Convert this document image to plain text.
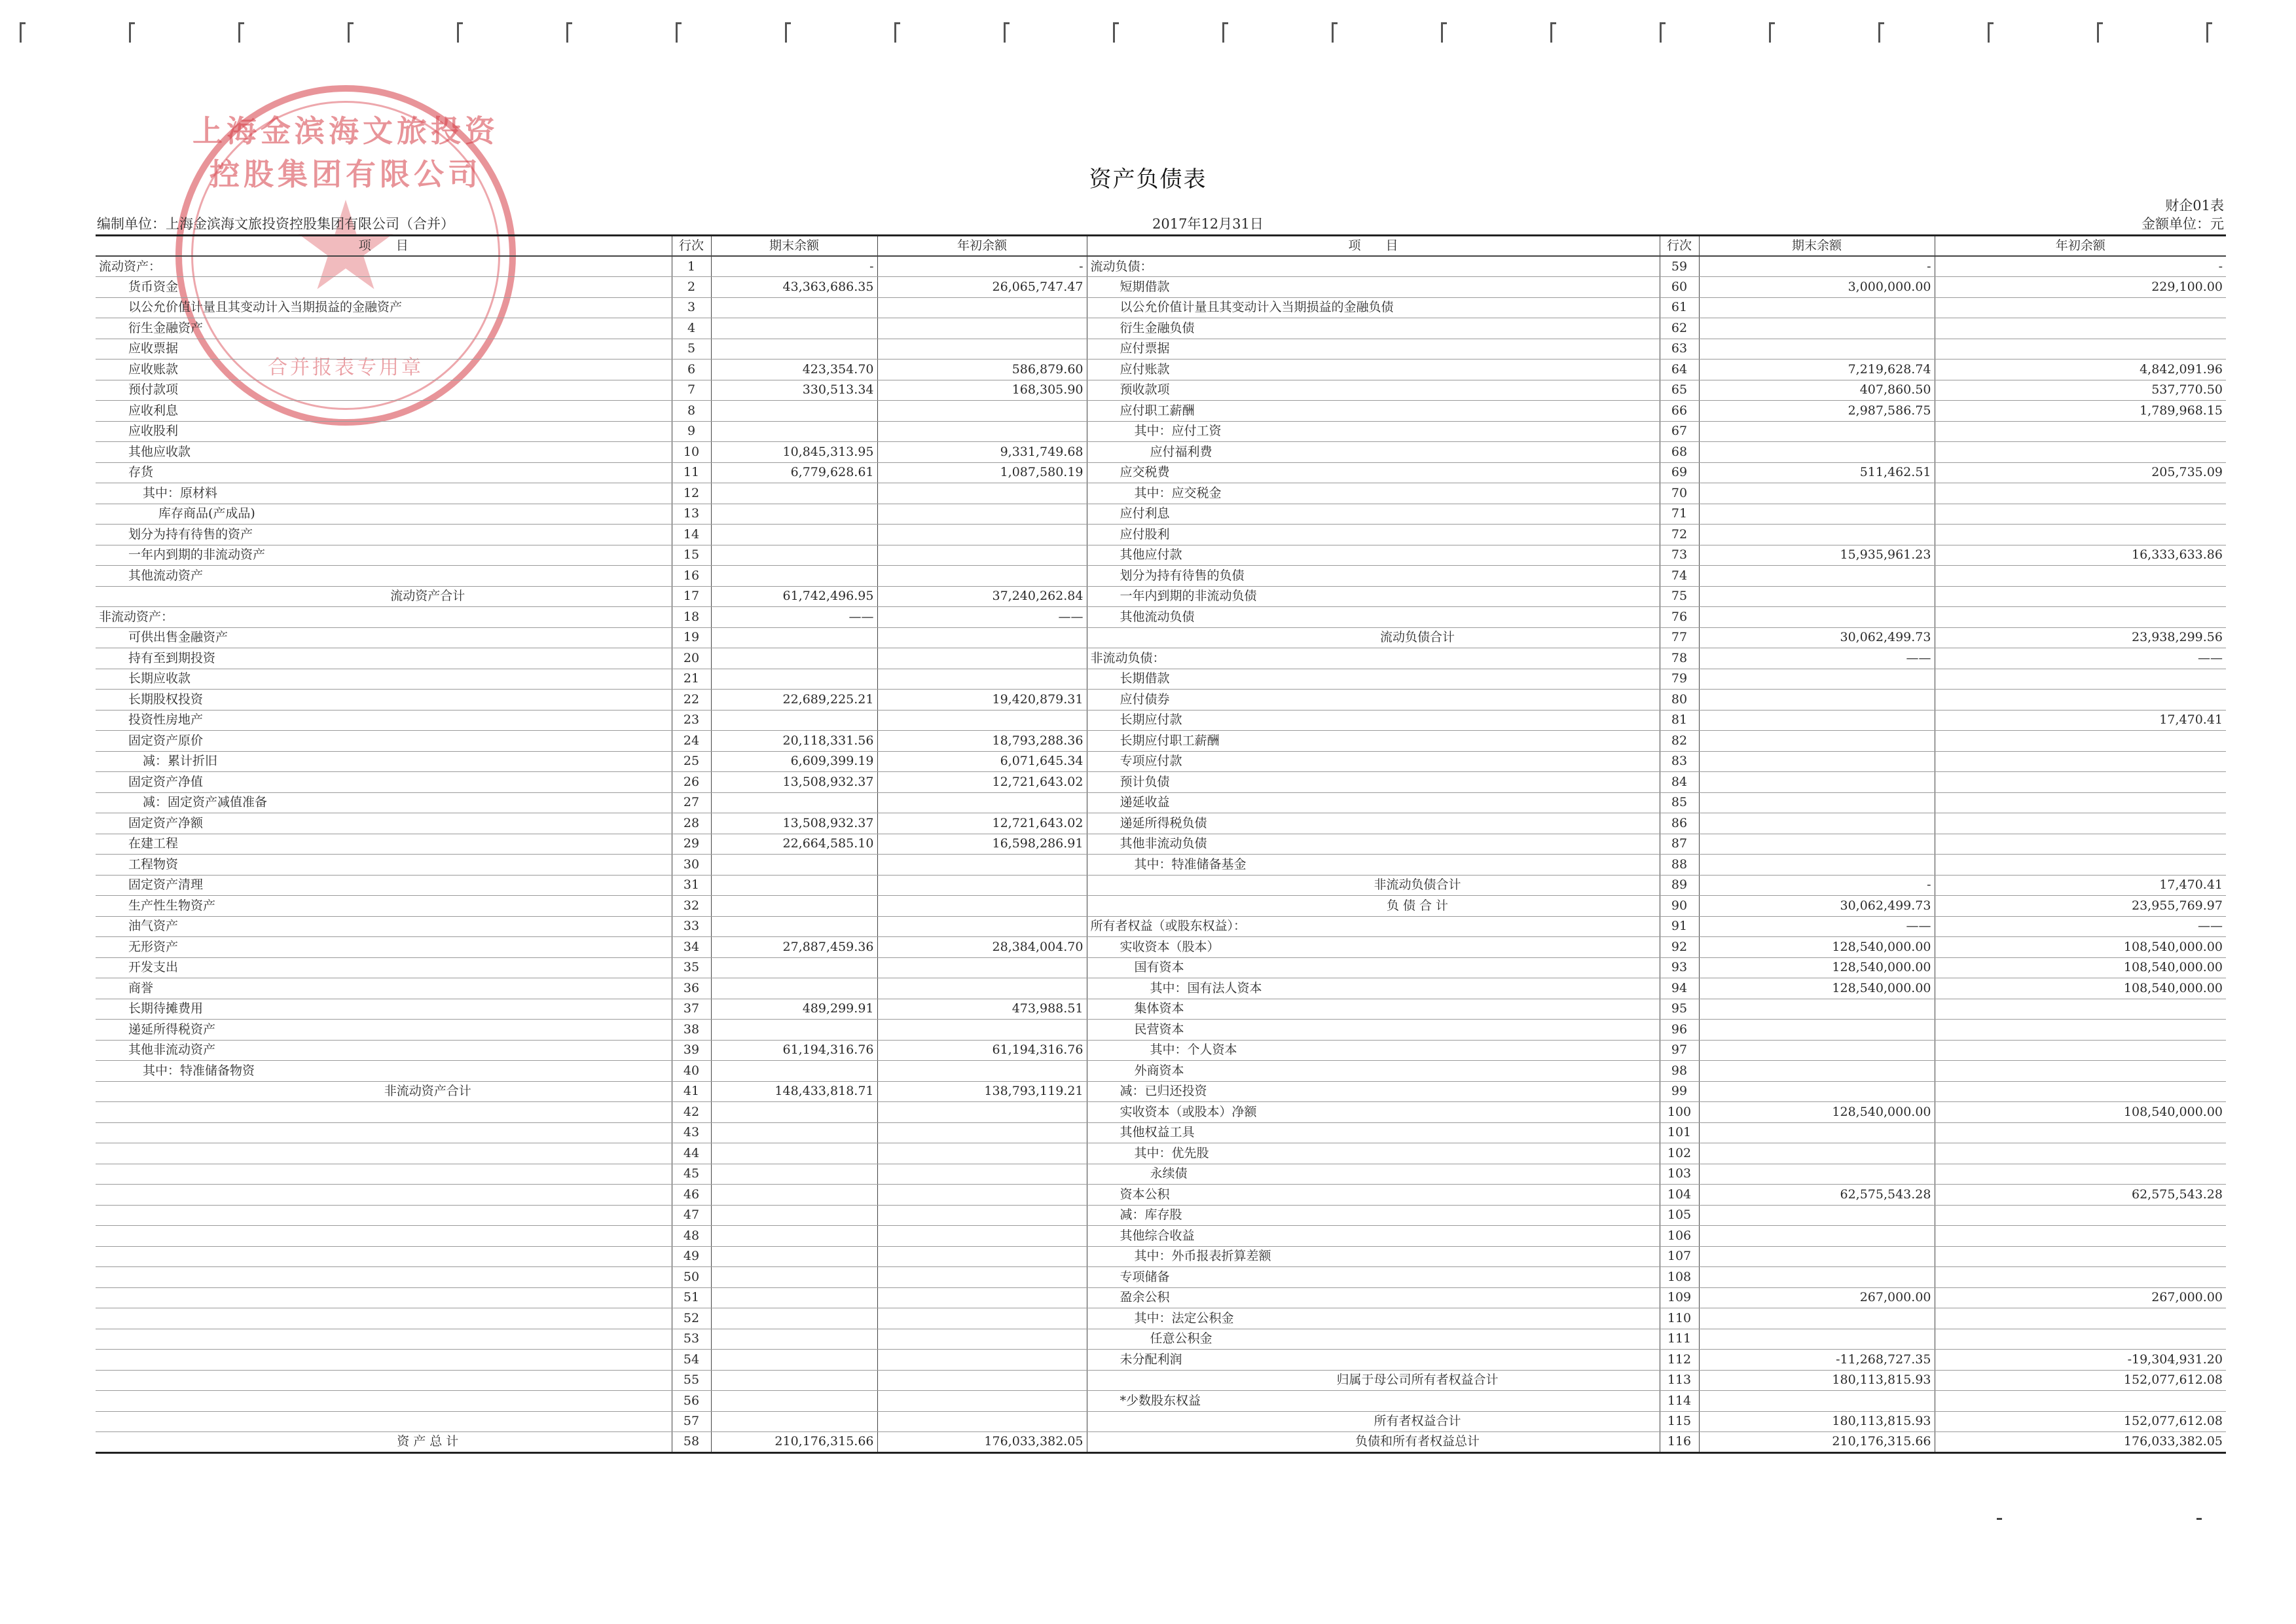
上海金滨海文旅投资控股集团有限公司
合并报表专用章
资产负债表
财企01表
编制单位：上海金滨海文旅投资控股集团有限公司（合并）	2017年12月31日	金额单位：元
项　　目	行次	期末余额	年初余额	项　　目	行次	期末余额	年初余额
流动资产：	1	-	-	流动负债：	59	-	-
货币资金	2	43,363,686.35	26,065,747.47	短期借款	60	3,000,000.00	229,100.00
以公允价值计量且其变动计入当期损益的金融资产	3			以公允价值计量且其变动计入当期损益的金融负债	61		
衍生金融资产	4			衍生金融负债	62		
应收票据	5			应付票据	63		
应收账款	6	423,354.70	586,879.60	应付账款	64	7,219,628.74	4,842,091.96
预付款项	7	330,513.34	168,305.90	预收款项	65	407,860.50	537,770.50
应收利息	8			应付职工薪酬	66	2,987,586.75	1,789,968.15
应收股利	9			其中：应付工资	67		
其他应收款	10	10,845,313.95	9,331,749.68	应付福利费	68		
存货	11	6,779,628.61	1,087,580.19	应交税费	69	511,462.51	205,735.09
其中：原材料	12			其中：应交税金	70		
库存商品(产成品)	13			应付利息	71		
划分为持有待售的资产	14			应付股利	72		
一年内到期的非流动资产	15			其他应付款	73	15,935,961.23	16,333,633.86
其他流动资产	16			划分为持有待售的负债	74		
流动资产合计	17	61,742,496.95	37,240,262.84	一年内到期的非流动负债	75		
非流动资产：	18	——	——	其他流动负债	76		
可供出售金融资产	19			流动负债合计	77	30,062,499.73	23,938,299.56
持有至到期投资	20			非流动负债：	78	——	——
长期应收款	21			长期借款	79		
长期股权投资	22	22,689,225.21	19,420,879.31	应付债券	80		
投资性房地产	23			长期应付款	81		17,470.41
固定资产原价	24	20,118,331.56	18,793,288.36	长期应付职工薪酬	82		
减：累计折旧	25	6,609,399.19	6,071,645.34	专项应付款	83		
固定资产净值	26	13,508,932.37	12,721,643.02	预计负债	84		
减：固定资产减值准备	27			递延收益	85		
固定资产净额	28	13,508,932.37	12,721,643.02	递延所得税负债	86		
在建工程	29	22,664,585.10	16,598,286.91	其他非流动负债	87		
工程物资	30			其中：特准储备基金	88		
固定资产清理	31			非流动负债合计	89	-	17,470.41
生产性生物资产	32			负 债 合 计	90	30,062,499.73	23,955,769.97
油气资产	33			所有者权益（或股东权益）：	91	——	——
无形资产	34	27,887,459.36	28,384,004.70	实收资本（股本）	92	128,540,000.00	108,540,000.00
开发支出	35			国有资本	93	128,540,000.00	108,540,000.00
商誉	36			其中：国有法人资本	94	128,540,000.00	108,540,000.00
长期待摊费用	37	489,299.91	473,988.51	集体资本	95		
递延所得税资产	38			民营资本	96		
其他非流动资产	39	61,194,316.76	61,194,316.76	其中：个人资本	97		
其中：特准储备物资	40			外商资本	98		
非流动资产合计	41	148,433,818.71	138,793,119.21	减：已归还投资	99		
	42			实收资本（或股本）净额	100	128,540,000.00	108,540,000.00
	43			其他权益工具	101		
	44			其中：优先股	102		
	45			永续债	103		
	46			资本公积	104	62,575,543.28	62,575,543.28
	47			减：库存股	105		
	48			其他综合收益	106		
	49			其中：外币报表折算差额	107		
	50			专项储备	108		
	51			盈余公积	109	267,000.00	267,000.00
	52			其中：法定公积金	110		
	53			任意公积金	111		
	54			未分配利润	112	-11,268,727.35	-19,304,931.20
	55			归属于母公司所有者权益合计	113	180,113,815.93	152,077,612.08
	56			*少数股东权益	114		
	57			所有者权益合计	115	180,113,815.93	152,077,612.08
资 产 总 计	58	210,176,315.66	176,033,382.05	负债和所有者权益总计	116	210,176,315.66	176,033,382.05
